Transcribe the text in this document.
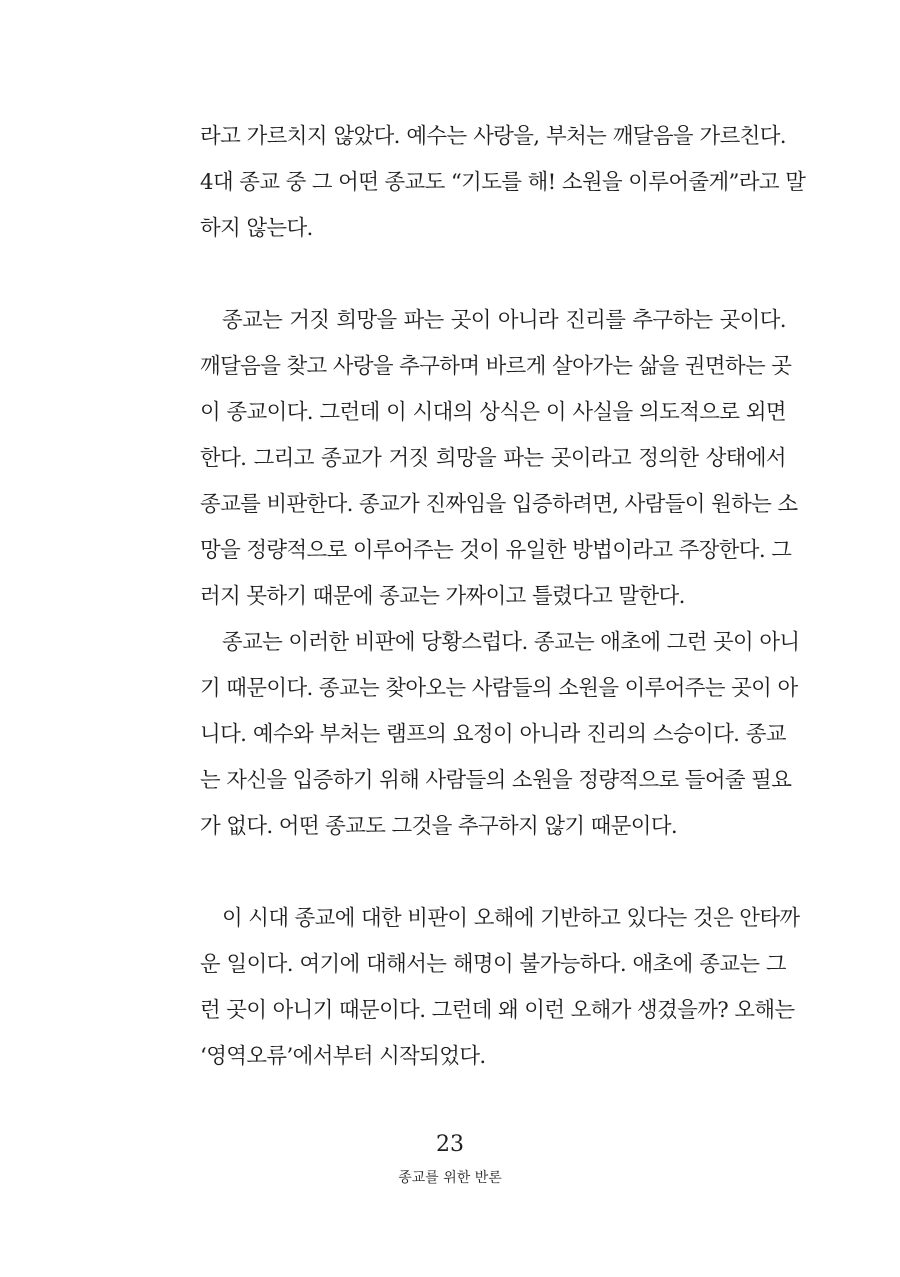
라고 가르치지 않았다. 예수는 사랑을, 부처는 깨달음을 가르친다.
4대 종교 중 그 어떤 종교도 “기도를 해! 소원을 이루어줄게”라고 말
하지 않는다.
종교는 거짓 희망을 파는 곳이 아니라 진리를 추구하는 곳이다.
깨달음을 찾고 사랑을 추구하며 바르게 살아가는 삶을 권면하는 곳
이 종교이다. 그런데 이 시대의 상식은 이 사실을 의도적으로 외면
한다. 그리고 종교가 거짓 희망을 파는 곳이라고 정의한 상태에서
종교를 비판한다. 종교가 진짜임을 입증하려면, 사람들이 원하는 소
망을 정량적으로 이루어주는 것이 유일한 방법이라고 주장한다. 그
러지 못하기 때문에 종교는 가짜이고 틀렸다고 말한다.
종교는 이러한 비판에 당황스럽다. 종교는 애초에 그런 곳이 아니
기 때문이다. 종교는 찾아오는 사람들의 소원을 이루어주는 곳이 아
니다. 예수와 부처는 램프의 요정이 아니라 진리의 스승이다. 종교
는 자신을 입증하기 위해 사람들의 소원을 정량적으로 들어줄 필요
가 없다. 어떤 종교도 그것을 추구하지 않기 때문이다.
이 시대 종교에 대한 비판이 오해에 기반하고 있다는 것은 안타까
운 일이다. 여기에 대해서는 해명이 불가능하다. 애초에 종교는 그
런 곳이 아니기 때문이다. 그런데 왜 이런 오해가 생겼을까? 오해는
‘영역오류’에서부터 시작되었다.
23
종교를 위한 반론
